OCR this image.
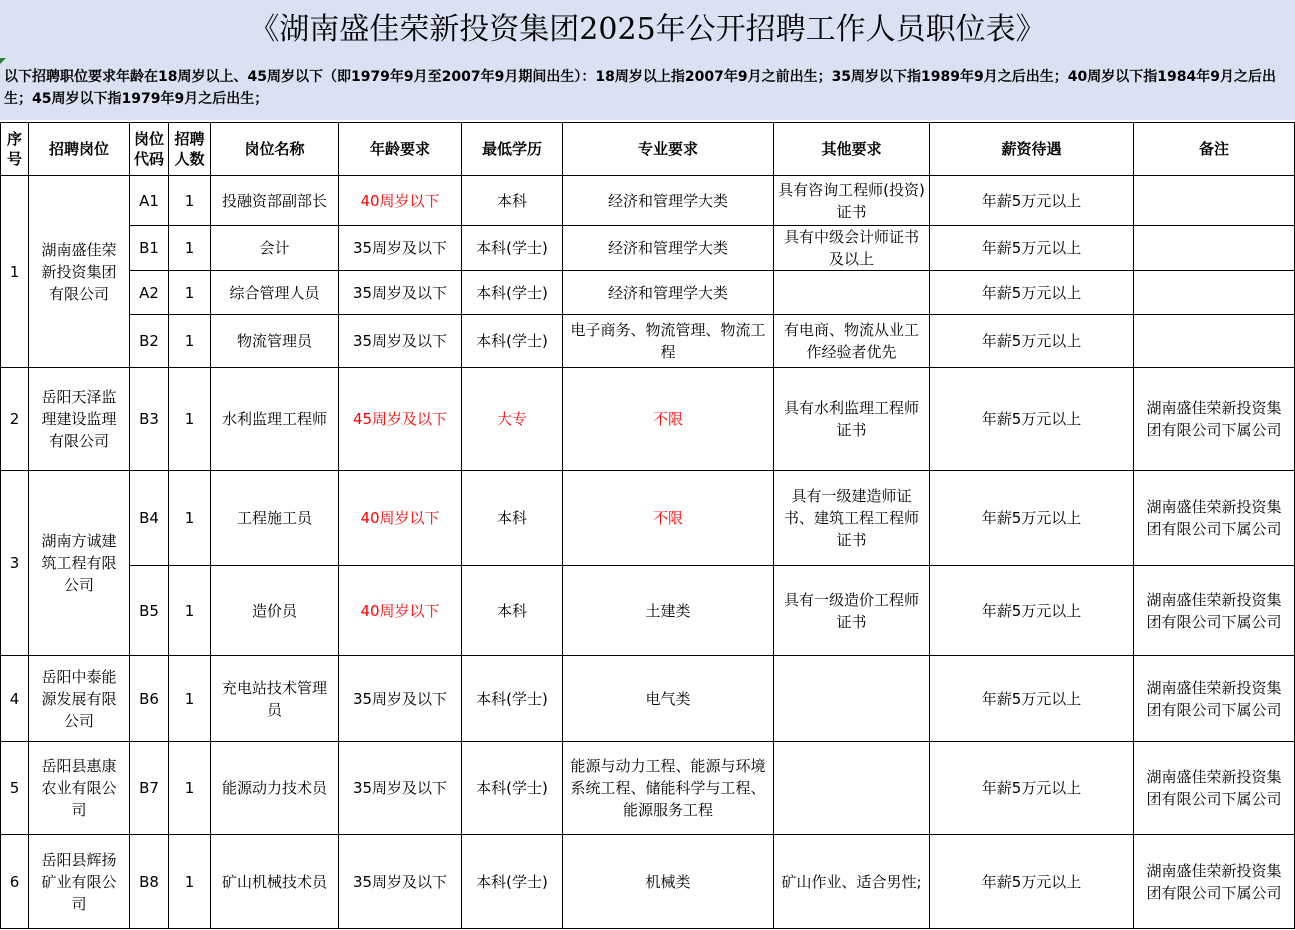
《湖南盛佳荣新投资集团2025年公开招聘工作人员职位表》
以下招聘职位要求年龄在18周岁以上、45周岁以下（即1979年9月至2007年9月期间出生）：18周岁以上指2007年9月之前出生；35周岁以下指1989年9月之后出生；40周岁以下指1984年9月之后出生；45周岁以下指1979年9月之后出生；
序号	招聘岗位	岗位代码	招聘人数	岗位名称	年龄要求	最低学历	专业要求	其他要求	薪资待遇	备注
1	湖南盛佳荣新投资集团有限公司	A1	1	投融资部副部长	40周岁以下	本科	经济和管理学大类	具有咨询工程师(投资)证书	年薪5万元以上	
		B1	1	会计	35周岁及以下	本科(学士)	经济和管理学大类	具有中级会计师证书及以上	年薪5万元以上	
		A2	1	综合管理人员	35周岁及以下	本科(学士)	经济和管理学大类		年薪5万元以上	
		B2	1	物流管理员	35周岁及以下	本科(学士)	电子商务、物流管理、物流工程	有电商、物流从业工作经验者优先	年薪5万元以上	
2	岳阳天泽监理建设监理有限公司	B3	1	水利监理工程师	45周岁及以下	大专	不限	具有水利监理工程师证书	年薪5万元以上	湖南盛佳荣新投资集团有限公司下属公司
3	湖南方诚建筑工程有限公司	B4	1	工程施工员	40周岁以下	本科	不限	具有一级建造师证书、建筑工程工程师证书	年薪5万元以上	湖南盛佳荣新投资集团有限公司下属公司
		B5	1	造价员	40周岁以下	本科	土建类	具有一级造价工程师证书	年薪5万元以上	湖南盛佳荣新投资集团有限公司下属公司
4	岳阳中泰能源发展有限公司	B6	1	充电站技术管理员	35周岁及以下	本科(学士)	电气类		年薪5万元以上	湖南盛佳荣新投资集团有限公司下属公司
5	岳阳县惠康农业有限公司	B7	1	能源动力技术员	35周岁及以下	本科(学士)	能源与动力工程、能源与环境系统工程、储能科学与工程、能源服务工程		年薪5万元以上	湖南盛佳荣新投资集团有限公司下属公司
6	岳阳县辉扬矿业有限公司	B8	1	矿山机械技术员	35周岁及以下	本科(学士)	机械类	矿山作业、适合男性;	年薪5万元以上	湖南盛佳荣新投资集团有限公司下属公司
